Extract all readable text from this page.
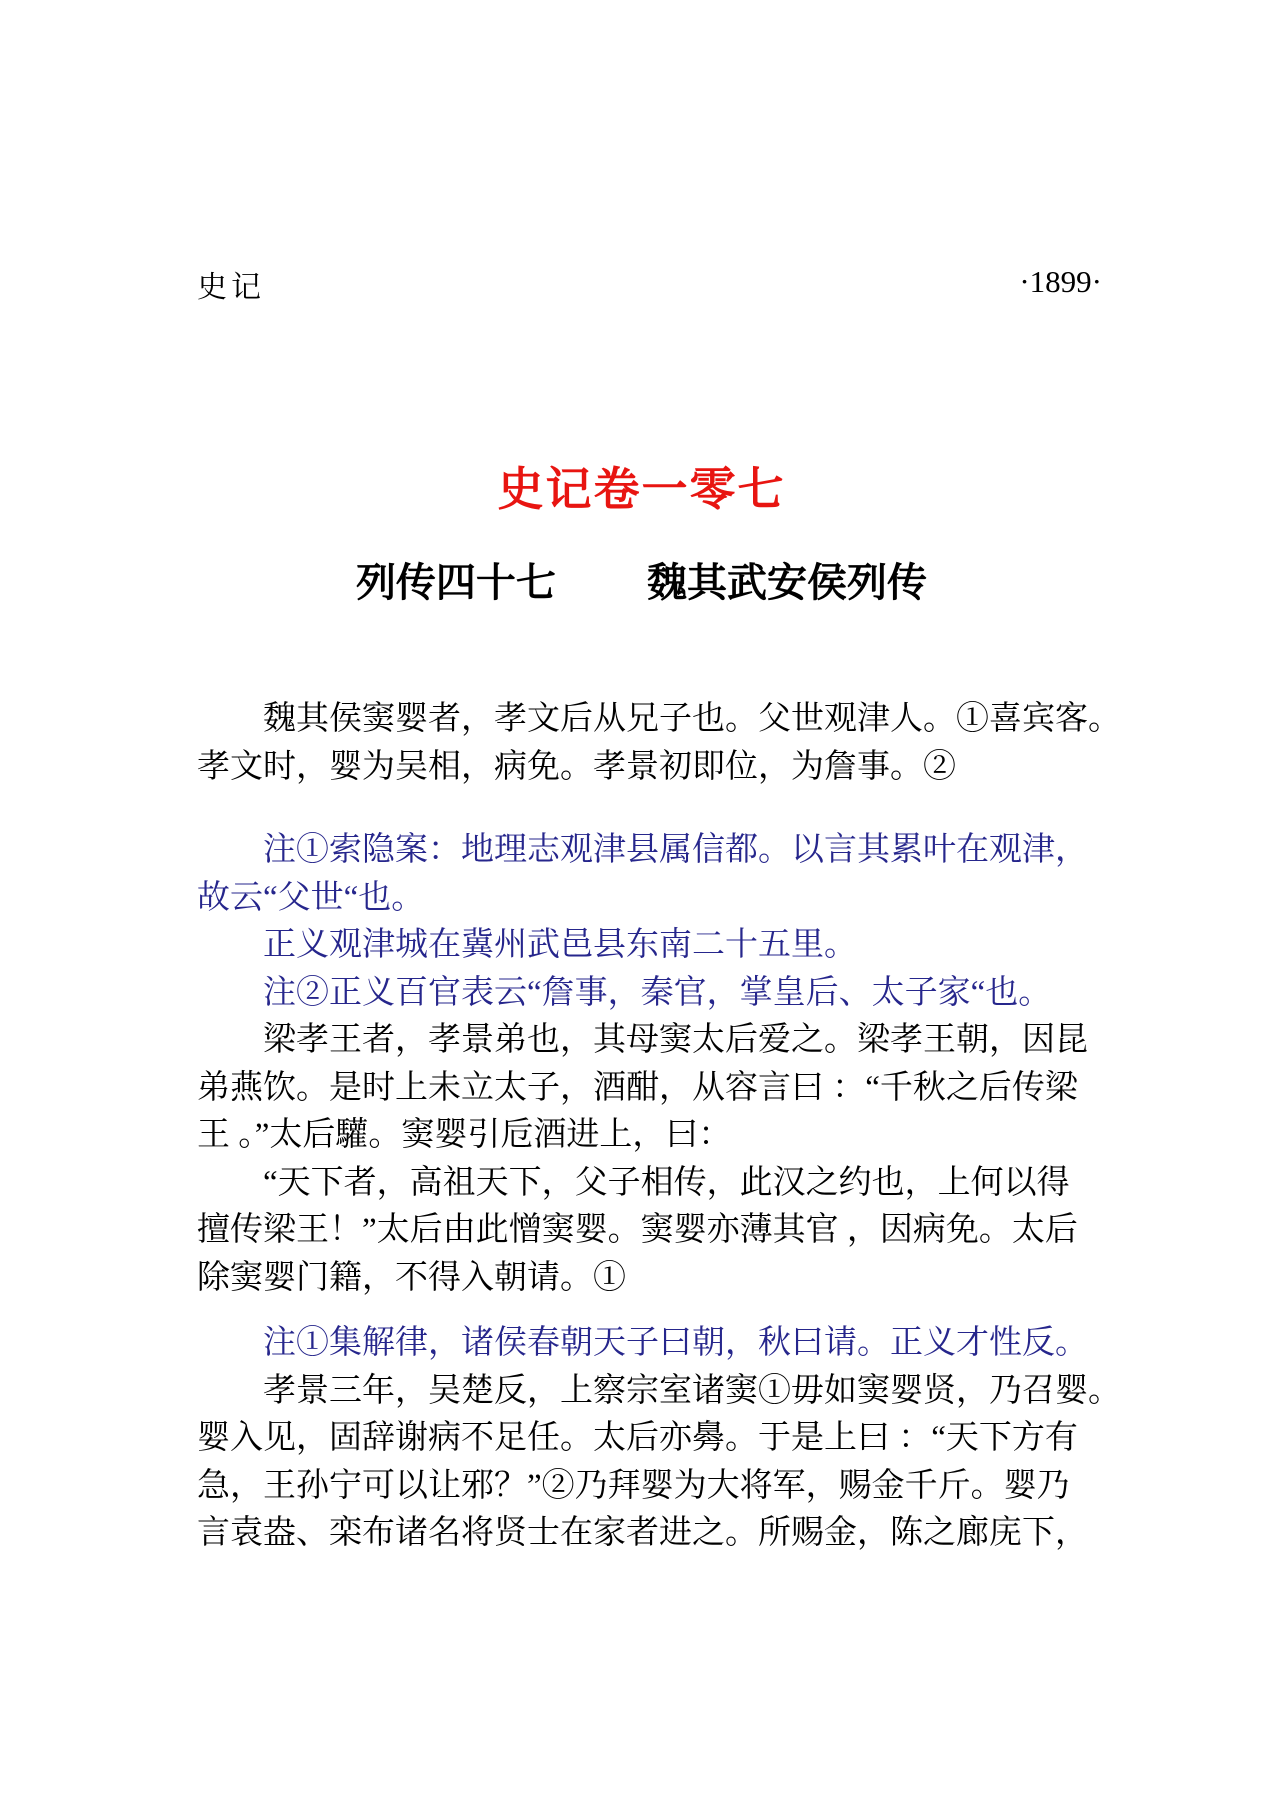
史记	·1899·
史记卷一零七
列传四十七 魏其武安侯列传
魏其侯窦婴者，孝文后从兄子也。父世观津人。①喜宾客。
孝文时，婴为吴相，病免。孝景初即位，为詹事。②
注①索隐案：地理志观津县属信都。以言其累叶在观津，
故云“父世“也。
正义观津城在冀州武邑县东南二十五里。
注②正义百官表云“詹事，秦官，掌皇后、太子家“也。
梁孝王者，孝景弟也，其母窦太后爱之。梁孝王朝，因昆
弟燕饮。是时上未立太子，酒酣，从容言曰 ：“千秋之后传梁
王 。”太后驩。窦婴引卮酒进上，曰：
“天下者，高祖天下，父子相传，此汉之约也，上何以得
擅传梁王！”太后由此憎窦婴。窦婴亦薄其官 ，因病免。太后
除窦婴门籍，不得入朝请。①
注①集解律，诸侯春朝天子曰朝，秋曰请。正义才性反。
孝景三年，吴楚反，上察宗室诸窦①毋如窦婴贤，乃召婴。
婴入见，固辞谢病不足任。太后亦臱。于是上曰 ：“天下方有
急，王孙宁可以让邪？”②乃拜婴为大将军，赐金千斤。婴乃
言袁盎、栾布诸名将贤士在家者进之。所赐金，陈之廊庑下，
